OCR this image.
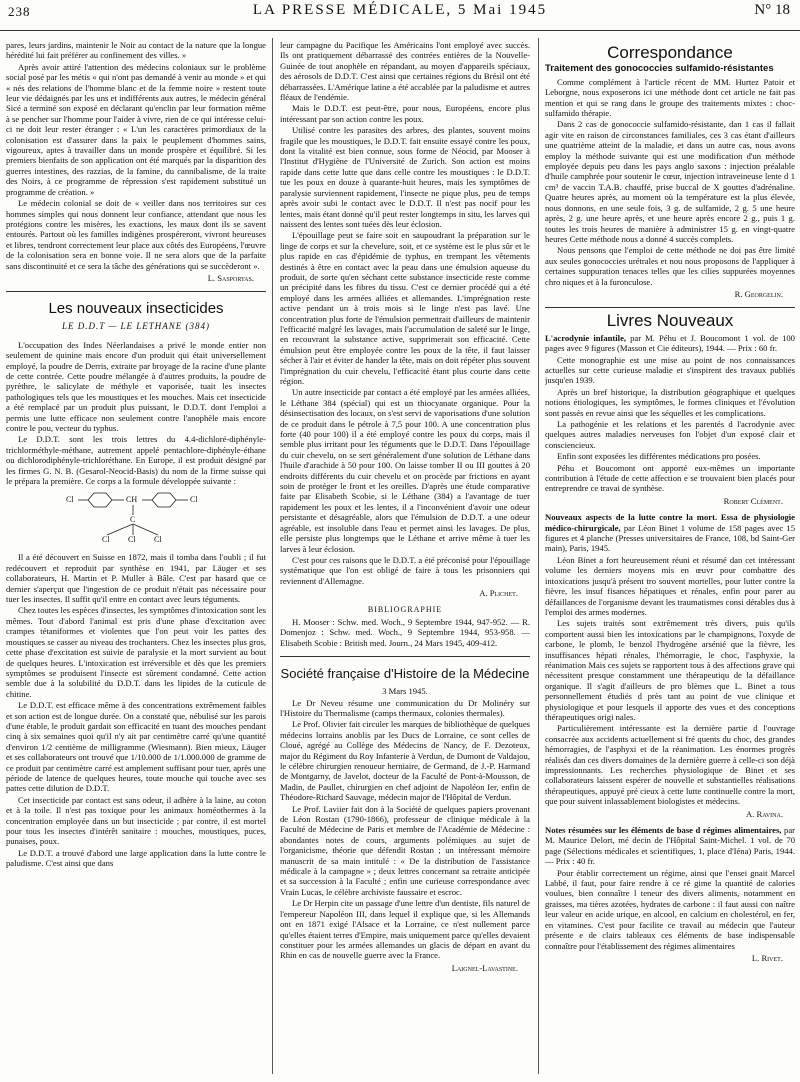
238	LA PRESSE MÉDICALE, 5 Mai 1945	N° 18

pares, leurs jardins, maintenir le Noir au contact de la nature que la longue hérédité lui fait préférer au confinement des villes. »

Après avoir attiré l'attention des médecins coloniaux sur le problème social posé par les métis « qui n'ont pas demandé à venir au monde » et qui « nés des relations de l'homme blanc et de la femme noire » restent toute leur vie dédaignés par les uns et indifférents aux autres, le médecin général Sicé a terminé son exposé en déclarant qu'enclin par leur formation même à se pencher sur l'homme pour l'aider à vivre, rien de ce qui intéresse celui-ci ne doit leur rester étranger : « L'un les caractères primordiaux de la colonisation est d'assurer dans la paix le peuplement d'hommes sains, vigoureux, aptes à travailler dans un monde prospère et équilibré. Si les premiers bienfaits de son application ont été marqués par la disparition des guerres intestines, des razzias, de la famine, du cannibalisme, de la traite des Noirs, à ce programme de répression s'est rapidement substitué un programme de création. »

Le médecin colonial se doit de « veiller dans nos territoires sur ces hommes simples qui nous donnent leur confiance, attendant que nous les protégions contre les misères, les exactions, les maux dont ils se savent entourés. Partout où les familles indigènes prospéreront, vivront heureuses et libres, tendront correctement leur place aux côtés des Européens, l'œuvre de la colonisation sera en bonne voie. Il ne sera alors que de la parfaite sans discontinuité et ce sera la tâche des générations qui se succèderont ».

L. Sasportas.
Les nouveaux insecticides
LE D.D.T — LE LETHANE (384)

L'occupation des Indes Néerlandaises a privé le monde entier non seulement de quinine mais encore d'un produit qui était universellement employé, la poudre de Derris, extraite par broyage de la racine d'une plante de cette contrée. Cette poudre mélangée à d'autres produits, la poudre de pyrèthre, le salicylate de méthyle et vaporisée, tuait les insectes pathologiques tels que les moustiques et les mouches. Mais cet insecticide a été remplacé par un produit plus puissant, le D.D.T. dont l'emploi a permis une lutte efficace non seulement contre l'anophèle mais encore contre le pou, vecteur du typhus.

Le D.D.T. sont les trois lettres du 4.4-dichloré-diphényle-trichlorméthyle-méthane, autrement appelé pentachlore-diphényle-éthane ou dichlorodiphényle-trichloréthane. En Europe, il est produit désigné par les firmes G. N. B. (Gesarol-Neocid-Basis) du nom de la firme suisse qui le prépara la première. Ce corps a la formule développée suivante :

Cl	CH	Cl
C
Cl Cl Cl

Il a été découvert en Suisse en 1872, mais il tomba dans l'oubli ; il fut redécouvert et reproduit par synthèse en 1941, par Läuger et ses collaborateurs, H. Martin et P. Muller à Bâle. C'est par hasard que ce dernier s'aperçut que l'ingestion de ce produit n'était pas nécessaire pour tuer les insectes. Il suffit qu'il entre en contact avec leurs téguments.

Chez toutes les espèces d'insectes, les symptômes d'intoxication sont les mêmes. Tout d'abord l'animal est pris d'une phase d'excitation avec crampes tétaniformes et violentes que l'on peut voir les pattes des moustiques se casser au niveau des trochanters. Chez les insectes plus gros, cette phase d'excitation est suivie de paralysie et la mort survient au bout de quelques heures. L'intoxication est irréversible et dès que les premiers symptômes se produisent l'insecte est sûrement condamné. Cette action semble due à la solubilité du D.D.T. dans les lipides de la cuticule de chitine.

Le D.D.T. est efficace même à des concentrations extrêmement faibles et son action est de longue durée. On a constaté que, nébulisé sur les parois d'une étable, le produit gardait son efficacité en tuant des mouches pendant cinq à six semaines quoi qu'il n'y ait par centimètre carré qu'une quantité d'environ 1/2 centième de milligramme (Wiesmann). Bien mieux, Läuger et ses collaborateurs ont trouvé que 1/10.000 de 1/1.000.000 de gramme de ce produit par centimètre carré est amplement suffisant pour tuer, après une période de latence de quelques heures, toute mouche qui touche avec ses pattes cette dilution de D.D.T.

Cet insecticide par contact est sans odeur, il adhère à la laine, au coton et à la toile. Il n'est pas toxique pour les animaux homéothermes à la concentration employée dans un but insecticide ; par contre, il est mortel pour tous les insectes d'intérêt sanitaire : mouches, moustiques, puces, punaises, poux.

Le D.D.T. a trouvé d'abord une large application dans la lutte contre le paludisme. C'est ainsi que dans

leur campagne du Pacifique les Américains l'ont employé avec succès. Ils ont pratiquement débarrassé des contrées entières de la Nouvelle-Guinée de tout anophèle en répandant, au moyen d'appareils spéciaux, des aérosols de D.D.T. C'est ainsi que certaines régions du Brésil ont été débarrassées. L'Amérique latine a été accablée par la paludisme et autres fléaux de l'endémie.

Mais le D.D.T. est peut-être, pour nous, Européens, encore plus intéressant par son action contre les poux.

Utilisé contre les parasites des arbres, des plantes, souvent moins fragile que les moustiques, le D.D.T. fait ensuite essayé contre les poux, dont la vitalité est bien connue, sous forme de Néocid, par Mooser à l'Institut d'Hygiène de l'Université de Zurich. Son action est moins rapide dans cette lutte que dans celle contre les moustiques : le D.D.T. tue les poux en douze à quarante-huit heures, mais les symptômes de paralysie surviennent rapidement, l'insecte ne pique plus, peu de temps après avoir subi le contact avec le D.D.T. Il n'est pas nocif pour les lentes, mais étant donné qu'il peut rester longtemps in situ, les larves qui naissent des lentes sont tuées dès leur éclosion.

L'épouillage peut se faire soit en saupoudrant la préparation sur le linge de corps et sur la chevelure, soit, et ce système est le plus sûr et le plus rapide en cas d'épidémie de typhus, en trempant les vêtements destinés à être en contact avec la peau dans une émulsion aqueuse du produit, de sorte qu'en séchant cette substance insecticide reste comme un précipité dans les fibres du tissu. C'est ce dernier procédé qui a été employé dans les armées alliées et allemandes. L'imprégnation reste active pendant un à trois mois si le linge n'est pas lavé. Une concentration plus forte de l'émulsion permettrait d'ailleurs de maintenir l'efficacité malgré les lavages, mais l'accumulation de saleté sur le linge, en recouvrant la substance active, supprimerait son efficacité. Cette émulsion peut être employée contre les poux de la tête, il faut laisser sécher à l'air et éviter de hander la tête, mais on doit répéter plus souvent l'imprégnation du cuir chevelu, l'efficacité étant plus courte dans cette région.

Un autre insecticide par contact a été employé par les armées alliées, le Léthane 384 (spécial) qui est un thiocyanate organique. Pour la désinsectisation des locaux, on s'est servi de vaporisations d'une solution de ce produit dans le pétrole à 7,5 pour 100. A une concentration plus forte (40 pour 100) il a été employé contre les poux du corps, mais il semble plus irritant pour les téguments que le D.D.T. Dans l'épouillage du cuir chevelu, on se sert généralement d'une solution de Léthane dans l'huile d'arachide à 50 pour 100. On laisse tomber II ou III gouttes à 20 endroits différents du cuir chevelu et on procède par frictions en ayant soin de protéger le front et les oreilles. D'après une étude comparative faite par Elisabeth Scobie, si le Léthane (384) a l'avantage de tuer rapidement les poux et les lentes, il a l'inconvénient d'avoir une odeur persistante et désagréable, alors que l'émulsion de D.D.T. a une odeur agréable, est insoluble dans l'eau et permet ainsi les lavages. De plus, elle persiste plus longtemps que le Léthane et arrive même à tuer les larves à leur éclosion.

C'est pour ces raisons que le D.D.T. a été préconisé pour l'épouillage systématique que l'on est obligé de faire à tous les prisonniers qui reviennent d'Allemagne.

A. Plichet.
BIBLIOGRAPHIE

H. Mooser : Schw. med. Woch., 9 Septembre 1944, 947-952. — R. Domenjoz : Schw. med. Woch., 9 Septembre 1944, 953-958. — Elisabeth Scobie : British med. Journ., 24 Mars 1945, 409-412.

Société française d'Histoire de la Médecine

3 Mars 1945.

Le Dr Neveu résume une communication du Dr Molinéry sur l'Histoire du Thermalisme (camps thermaux, colonies thermales).

Le Prof. Olivier fait circuler les marques de bibliothèque de quelques médecins lorrains anoblis par les Ducs de Lorraine, ce sont celles de Cloué, agrégé au Collège des Médecins de Nancy, de F. Dezoteux, major du Régiment du Roy Infanterie à Verdun, de Dumont de Valdajou, le célèbre chirurgien renoueur herniaire, de Germand, de J.-P. Harmand de Montgarny, de Javelot, docteur de la Faculté de Pont-à-Mousson, de Madin, de Paullet, chirurgien en chef adjoint de Napoléon Ier, enfin de Théodore-Richard Sauvage, médecin major de l'Hôpital de Verdun.

Le Prof. Laviier fait don à la Société de quelques papiers provenant de Léon Rostan (1790-1866), professeur de clinique médicale à la Faculté de Médecine de Paris et membre de l'Académie de Médecine : abondantes notes de cours, arguments polémiques au sujet de l'organicisme, théorie que défendit Rostan ; un intéressant mémoire manuscrit de sa main intitulé : « De la distribution de l'assistance médicale à la campagne » ; deux lettres concernant sa retraite anticipée et sa succession à la Faculté ; enfin une curieuse correspondance avec Vrain Lucas, le célèbre archiviste faussaire et escroc.

Le Dr Herpin cite un passage d'une lettre d'un dentiste, fils naturel de l'empereur Napoléon III, dans lequel il explique que, si les Allemands ont en 1871 exigé l'Alsace et la Lorraine, ce n'est nullement parce qu'elles étaient terres d'Empire, mais uniquement parce qu'elles devaient constituer pour les armées allemandes un glacis de départ en avant du Rhin en cas de nouvelle guerre avec la France.

Laignel-Lavastine.
Correspondance
Traitement des gonococcies sulfamido-résistantes

Comme complément à l'article récent de MM. Hurtez Patoir et Leborgne, nous exposerons ici une méthode dont cet article ne fait pas mention et qui se rang dans le groupe des traitements mixtes : choc-sulfamido thérapie.

Dans 2 cas de gonococcie sulfamido-résistante, dan 1 cas il fallait agir vite en raison de circonstances familiales, ces 3 cas étant d'ailleurs une quatrième atteint de la maladie, et dans un autre cas, nous avons employ la méthode suivante qui est une modification d'un méthode employée depuis peu dans les pays anglo saxons : injection préalable d'huile camphrée pour soutenir le cœur, injection intraveineuse lente d 1 cm³ de vaccin T.A.B. chauffé, prise buccal de X gouttes d'adrénaline. Quatre heures après, au moment où la température est la plus élevée, nous donnons, en une seule fois, 3 g. de sulfamide, 2 g. 5 une heure après, 2 g. une heure après, et une heure après encore 2 g., puis 1 g. toutes les trois heures de manière à administrer 15 g. en vingt-quatre heures Cette méthode nous a donné 4 succès complets.

Nous pensons que l'emploi de cette méthode ne doi pas être limité aux seules gonococcies urétrales et nou nous proposons de l'appliquer à certaines suppuration tenaces telles que les cilies suppurées moyennes chro niques et à la furonculose.

R. Georgelin.
Livres Nouveaux

L'acrodynie infantile, par M. Péhu et J. Boucomont 1 vol. de 100 pages avec 9 figures (Masson et Cie éditeurs), 1944. — Prix : 60 fr.

Cette monographie est une mise au point de nos connaissances actuelles sur cette curieuse maladie et s'inspirent des travaux publiés jusqu'en 1939.

Après un bref historique, la distribution géographique et quelques notions étiologiques, les symptômes, le formes cliniques et l'évolution sont passés en revue ainsi que les séquelles et les complications.

La pathogénie et les relations et les parentés d l'acrodynie avec quelques autres maladies nerveuses fon l'objet d'un exposé clair et consciencieux.

Enfin sont exposées les différentes médications pro posées.

Péhu et Boucomont ont apporté eux-mêmes un importante contribution à l'étude de cette affection e se trouvaient bien placés pour entreprendre ce travai de synthèse.

Robert Clément.

Nouveaux aspects de la lutte contre la mort. Essa de physiologie médico-chirurgicale, par Léon Binet 1 volume de 158 pages avec 15 figures et 4 planche (Presses universitaires de France, 108, bd Saint-Ger main), Paris, 1945.

Léon Binet a fort heureusement réuni et résumé dan cet intéressant volume les derniers moyens mis en œuvr pour combattre des intoxications jusqu'à présent tro souvent mortelles, pour lutter contre la fièvre, les insuf fisances hépatiques et rénales, enfin pour parer au défaillances de l'organisme devant les traumatismes consi dérables dus à l'emploi des armes modernes.

Les sujets traités sont extrêmement très divers, puis qu'ils comportent aussi bien les intoxications par le champignons, l'oxyde de carbone, le plomb, le benzol l'hydrogène arsénié que la fièvre, les insuffisances hépati rénales, l'hémorragie, le choc, l'asphyxie, la réanimation Mais ces sujets se rapportent tous à des affections grave qui nécessitent presque constamment une thérapeutiqu de la défaillance organique. Il s'agit d'ailleurs de pro blèmes que L. Binet a tous personnellement étudiés d près tant au point de vue clinique et physiologique et pour lesquels il apporte des vues et des conceptions thérapeutiques origi nales.

Particulièrement intéressante est la dernière partie d l'ouvrage consacrée aux accidents actuellement si fré quents du choc, des grandes hémorragies, de l'asphyxi et de la réanimation. Les énormes progrès réalisés dan ces divers domaines de la dernière guerre à celle-ci son déjà impressionnants. Les recherches physiologique de Binet et ses collaborateurs laissent espérer de nouvelle et substantielles réalisations thérapeutiques, appuyé pré cieux à cette lutte continuelle contre la mort, que pour suivent inlassablement biologistes et médecins.

A. Ravina.

Notes résumées sur les éléments de base d régimes alimentaires, par M. Maurice Delort, mé decin de l'Hôpital Saint-Michel. 1 vol. de 70 page (Sélections médicales et scientifiques, 1, place d'Iéna) Paris, 1944. — Prix : 40 fr.

Pour établir correctement un régime, ainsi que l'ensei gnait Marcel Labbé, il faut, pour faire rendre à ce ré gime la quantité de calories voulues, bien connaître l teneur des divers aliments, notamment en graisses, ma tières azotées, hydrates de carbone : il faut aussi con naître leur valeur en acide urique, en alcool, en calcium en cholestérol, en fer, en vitamines. C'est pour facilite ce travail au médecin que l'auteur présente e de clairs tableaux ces éléments de base indispensable connaître pour l'établissement des régimes alimentaires

L. Rivet.
